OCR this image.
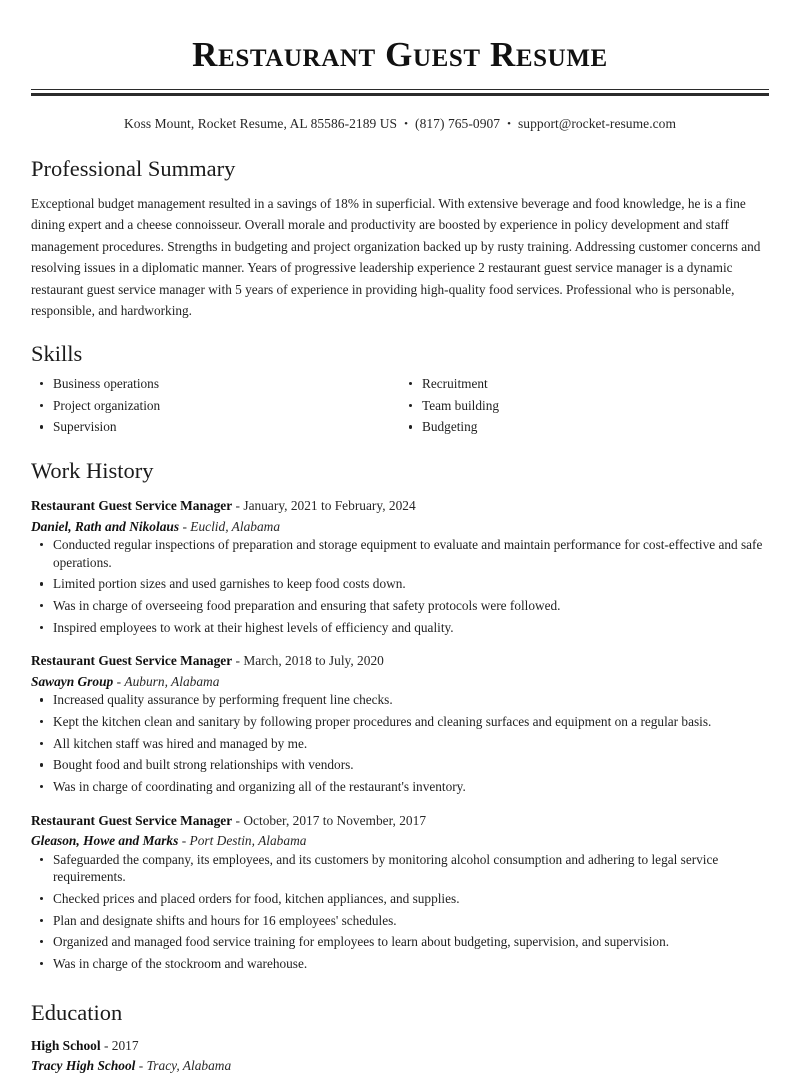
Restaurant Guest Resume
Koss Mount, Rocket Resume, AL 85586-2189 US • (817) 765-0907 • support@rocket-resume.com
Professional Summary

Exceptional budget management resulted in a savings of 18% in superficial. With extensive beverage and food knowledge, he is a fine dining expert and a cheese connoisseur. Overall morale and productivity are boosted by experience in policy development and staff management procedures. Strengths in budgeting and project organization backed up by rusty training. Addressing customer concerns and resolving issues in a diplomatic manner. Years of progressive leadership experience 2 restaurant guest service manager is a dynamic restaurant guest service manager with 5 years of experience in providing high-quality food services. Professional who is personable, responsible, and hardworking.

Skills
Business operations
Project organization
Supervision
Recruitment
Team building
Budgeting
Work History
Restaurant Guest Service Manager - January, 2021 to February, 2024
Daniel, Rath and Nikolaus - Euclid, Alabama
Conducted regular inspections of preparation and storage equipment to evaluate and maintain performance for cost-effective and safe operations.
Limited portion sizes and used garnishes to keep food costs down.
Was in charge of overseeing food preparation and ensuring that safety protocols were followed.
Inspired employees to work at their highest levels of efficiency and quality.
Restaurant Guest Service Manager - March, 2018 to July, 2020
Sawayn Group - Auburn, Alabama
Increased quality assurance by performing frequent line checks.
Kept the kitchen clean and sanitary by following proper procedures and cleaning surfaces and equipment on a regular basis.
All kitchen staff was hired and managed by me.
Bought food and built strong relationships with vendors.
Was in charge of coordinating and organizing all of the restaurant's inventory.
Restaurant Guest Service Manager - October, 2017 to November, 2017
Gleason, Howe and Marks - Port Destin, Alabama
Safeguarded the company, its employees, and its customers by monitoring alcohol consumption and adhering to legal service requirements.
Checked prices and placed orders for food, kitchen appliances, and supplies.
Plan and designate shifts and hours for 16 employees' schedules.
Organized and managed food service training for employees to learn about budgeting, supervision, and supervision.
Was in charge of the stockroom and warehouse.
Education
High School - 2017
Tracy High School - Tracy, Alabama
